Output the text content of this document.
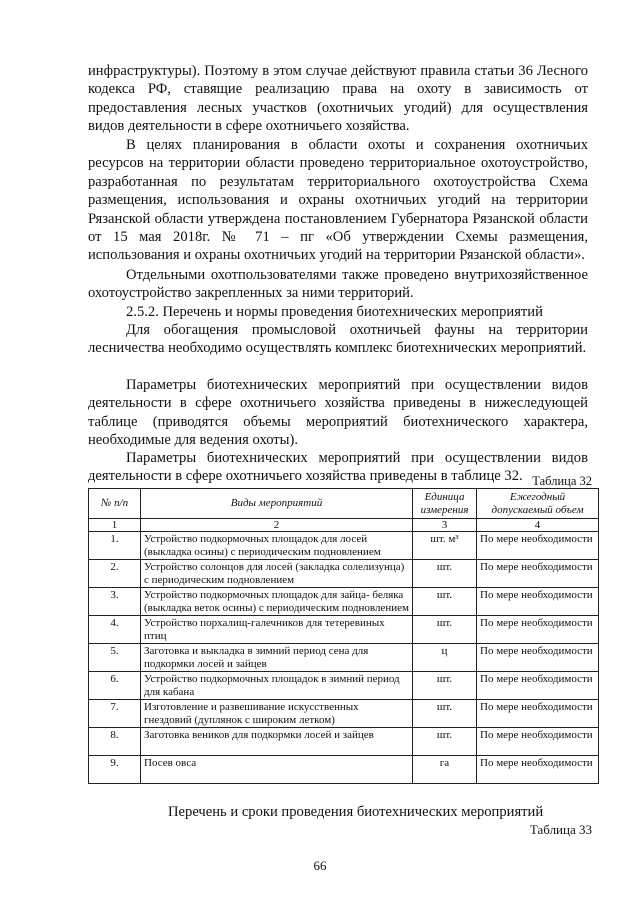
инфраструктуры). Поэтому в этом случае действуют правила статьи 36 Лесного кодекса РФ, ставящие реализацию права на охоту в зависимость от предоставления лесных участков (охотничьих угодий) для осуществления видов деятельности в сфере охотничьего хозяйства.

В целях планирования в области охоты и сохранения охотничьих ресурсов на территории области проведено территориальное охотоустройство, разработанная по результатам территориального охотоустройства Схема размещения, использования и охраны охотничьих угодий на территории Рязанской области утверждена постановлением Губернатора Рязанской области от 15 мая 2018г. № 71 – пг «Об утверждении Схемы размещения, использования и охраны охотничьих угодий на территории Рязанской области».

Отдельными охотпользователями также проведено внутрихозяйственное охотоустройство закрепленных за ними территорий.

2.5.2. Перечень и нормы проведения биотехнических мероприятий

Для обогащения промысловой охотничьей фауны на территории лесничества необходимо осуществлять комплекс биотехнических мероприятий.

Параметры биотехнических мероприятий при осуществлении видов деятельности в сфере охотничьего хозяйства приведены в нижеследующей таблице (приводятся объемы мероприятий биотехнического характера, необходимые для ведения охоты).

Параметры биотехнических мероприятий при осуществлении видов деятельности в сфере охотничьего хозяйства приведены в таблице 32. Таблица 32
№ п/п	Виды мероприятий	Единица измерения	Ежегодный допускаемый объем
1	2	3	4
1.	Устройство подкормочных площадок для лосей (выкладка осины) с периодическим подновлением	шт. м³	По мере необходимости
2.	Устройство солонцов для лосей (закладка солелизунца) с периодическим подновлением	шт.	По мере необходимости
3.	Устройство подкормочных площадок для зайца- беляка (выкладка веток осины) с периодическим подновлением	шт.	По мере необходимости
4.	Устройство порхалищ-галечников для тетеревиных птиц	шт.	По мере необходимости
5.	Заготовка и выкладка в зимний период сена для подкормки лосей и зайцев	ц	По мере необходимости
6.	Устройство подкормочных площадок в зимний период для кабана	шт.	По мере необходимости
7.	Изготовление и развешивание искусственных гнездовий (дуплянок с широким летком)	шт.	По мере необходимости
8.	Заготовка веников для подкормки лосей и зайцев	шт.	По мере необходимости
9.	Посев овса	га	По мере необходимости
Перечень и сроки проведения биотехнических мероприятий
Таблица 33
66
